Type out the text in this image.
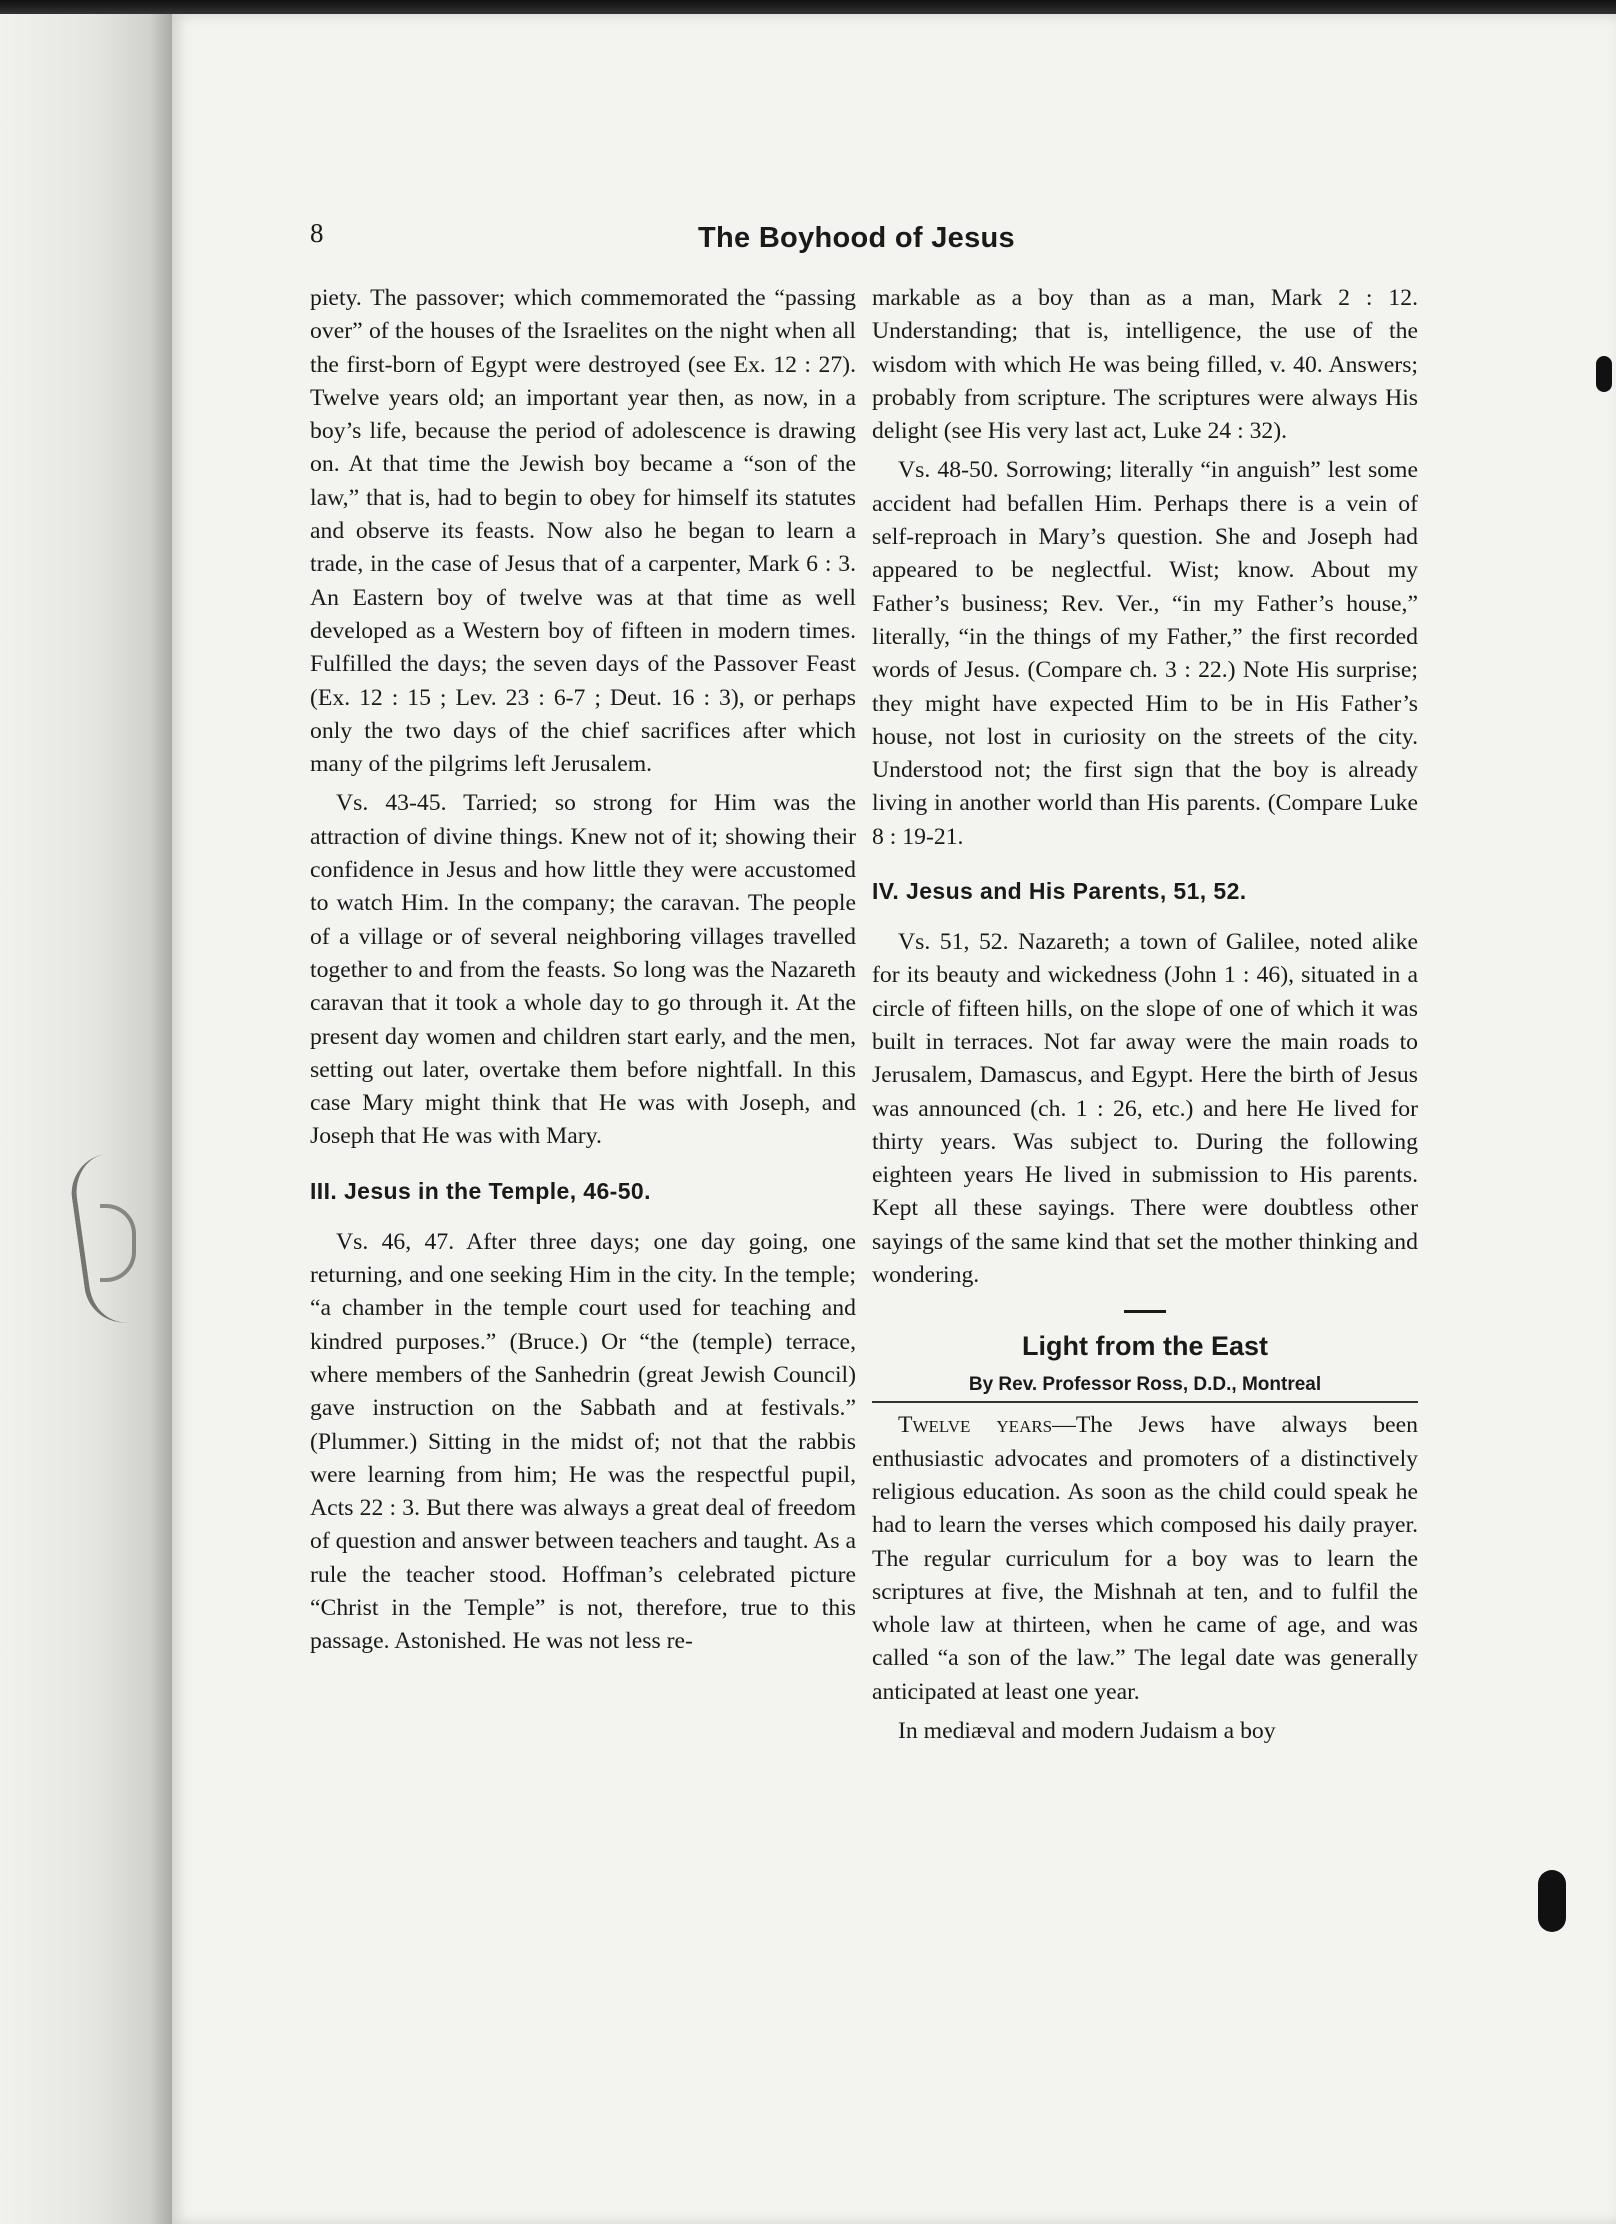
8	The Boyhood of Jesus

piety. The passover; which commemorated the “passing over” of the houses of the Israelites on the night when all the first-born of Egypt were destroyed (see Ex. 12 : 27). Twelve years old; an important year then, as now, in a boy’s life, because the period of adolescence is drawing on. At that time the Jewish boy became a “son of the law,” that is, had to begin to obey for himself its statutes and observe its feasts. Now also he began to learn a trade, in the case of Jesus that of a carpenter, Mark 6 : 3. An Eastern boy of twelve was at that time as well developed as a Western boy of fifteen in modern times. Fulfilled the days; the seven days of the Passover Feast (Ex. 12 : 15 ; Lev. 23 : 6-7 ; Deut. 16 : 3), or perhaps only the two days of the chief sacrifices after which many of the pilgrims left Jerusalem.

Vs. 43-45. Tarried; so strong for Him was the attraction of divine things. Knew not of it; showing their confidence in Jesus and how little they were accustomed to watch Him. In the company; the caravan. The people of a village or of several neighboring villages travelled together to and from the feasts. So long was the Nazareth caravan that it took a whole day to go through it. At the present day women and children start early, and the men, setting out later, overtake them before nightfall. In this case Mary might think that He was with Joseph, and Joseph that He was with Mary.

III. Jesus in the Temple, 46-50.

Vs. 46, 47. After three days; one day going, one returning, and one seeking Him in the city. In the temple; “a chamber in the temple court used for teaching and kindred purposes.” (Bruce.) Or “the (temple) terrace, where members of the Sanhedrin (great Jewish Council) gave instruction on the Sabbath and at festivals.” (Plummer.) Sitting in the midst of; not that the rabbis were learning from him; He was the respectful pupil, Acts 22 : 3. But there was always a great deal of freedom of question and answer between teachers and taught. As a rule the teacher stood. Hoffman’s celebrated picture “Christ in the Temple” is not, therefore, true to this passage. Astonished. He was not less re-

markable as a boy than as a man, Mark 2 : 12. Understanding; that is, intelligence, the use of the wisdom with which He was being filled, v. 40. Answers; probably from scripture. The scriptures were always His delight (see His very last act, Luke 24 : 32).

Vs. 48-50. Sorrowing; literally “in anguish” lest some accident had befallen Him. Perhaps there is a vein of self-reproach in Mary’s question. She and Joseph had appeared to be neglectful. Wist; know. About my Father’s business; Rev. Ver., “in my Father’s house,” literally, “in the things of my Father,” the first recorded words of Jesus. (Compare ch. 3 : 22.) Note His surprise; they might have expected Him to be in His Father’s house, not lost in curiosity on the streets of the city. Understood not; the first sign that the boy is already living in another world than His parents. (Compare Luke 8 : 19-21.

IV. Jesus and His Parents, 51, 52.

Vs. 51, 52. Nazareth; a town of Galilee, noted alike for its beauty and wickedness (John 1 : 46), situated in a circle of fifteen hills, on the slope of one of which it was built in terraces. Not far away were the main roads to Jerusalem, Damascus, and Egypt. Here the birth of Jesus was announced (ch. 1 : 26, etc.) and here He lived for thirty years. Was subject to. During the following eighteen years He lived in submission to His parents. Kept all these sayings. There were doubtless other sayings of the same kind that set the mother thinking and wondering.

Light from the East
By Rev. Professor Ross, D.D., Montreal

Twelve years—The Jews have always been enthusiastic advocates and promoters of a distinctively religious education. As soon as the child could speak he had to learn the verses which composed his daily prayer. The regular curriculum for a boy was to learn the scriptures at five, the Mishnah at ten, and to fulfil the whole law at thirteen, when he came of age, and was called “a son of the law.” The legal date was generally anticipated at least one year.

In mediæval and modern Judaism a boy
